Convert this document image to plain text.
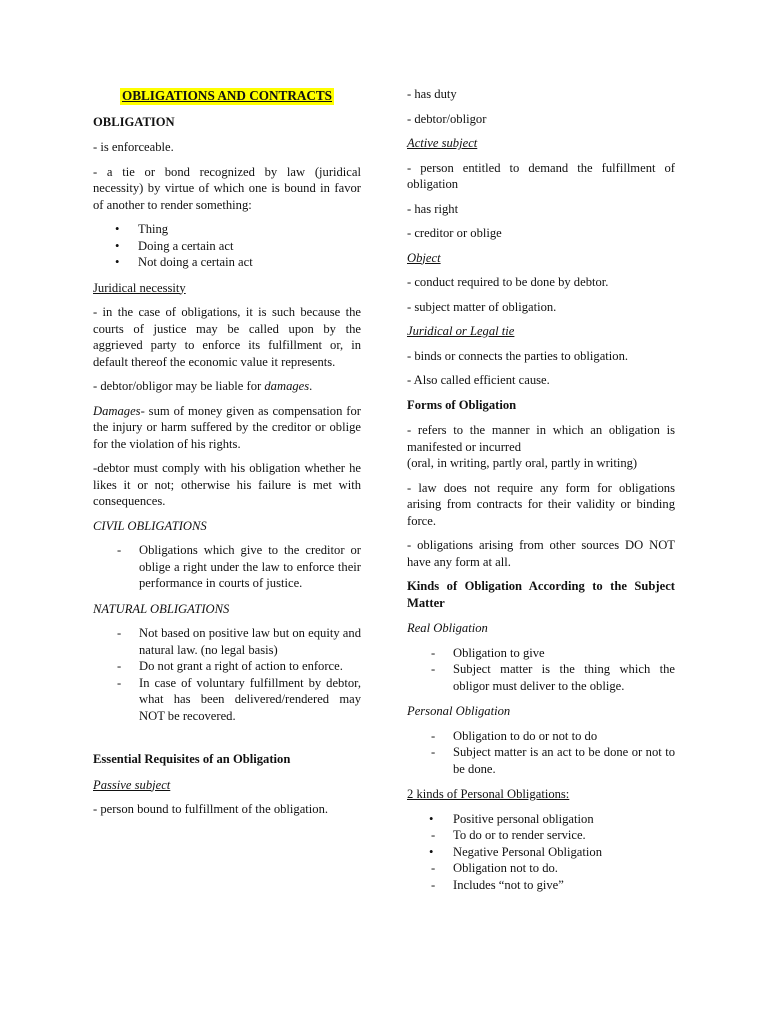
OBLIGATIONS AND CONTRACTS
OBLIGATION

- is enforceable.

- a tie or bond recognized by law (juridical necessity) by virtue of which one is bound in favor of another to render something:

• Thing
• Doing a certain act
• Not doing a certain act

Juridical necessity

- in the case of obligations, it is such because the courts of justice may be called upon by the aggrieved party to enforce its fulfillment or, in default thereof the economic value it represents.

- debtor/obligor may be liable for damages.

Damages- sum of money given as compensation for the injury or harm suffered by the creditor or oblige for the violation of his rights.

-debtor must comply with his obligation whether he likes it or not; otherwise his failure is met with consequences.

CIVIL OBLIGATIONS

- Obligations which give to the creditor or oblige a right under the law to enforce their performance in courts of justice.

NATURAL OBLIGATIONS

- Not based on positive law but on equity and natural law. (no legal basis)
- Do not grant a right of action to enforce.
- In case of voluntary fulfillment by debtor, what has been delivered/rendered may NOT be recovered.
Essential Requisites of an Obligation

Passive subject

- person bound to fulfillment of the obligation.

- has duty

- debtor/obligor

Active subject

- person entitled to demand the fulfillment of obligation

- has right

- creditor or oblige

Object

- conduct required to be done by debtor.

- subject matter of obligation.

Juridical or Legal tie

- binds or connects the parties to obligation.

- Also called efficient cause.

Forms of Obligation

- refers to the manner in which an obligation is manifested or incurred
(oral, in writing, partly oral, partly in writing)

- law does not require any form for obligations arising from contracts for their validity or binding force.

- obligations arising from other sources DO NOT have any form at all.

Kinds of Obligation According to the Subject Matter

Real Obligation

- Obligation to give
- Subject matter is the thing which the obligor must deliver to the oblige.

Personal Obligation

- Obligation to do or not to do
- Subject matter is an act to be done or not to be done.

2 kinds of Personal Obligations:

• Positive personal obligation
- To do or to render service.
• Negative Personal Obligation
- Obligation not to do.
- Includes “not to give”
